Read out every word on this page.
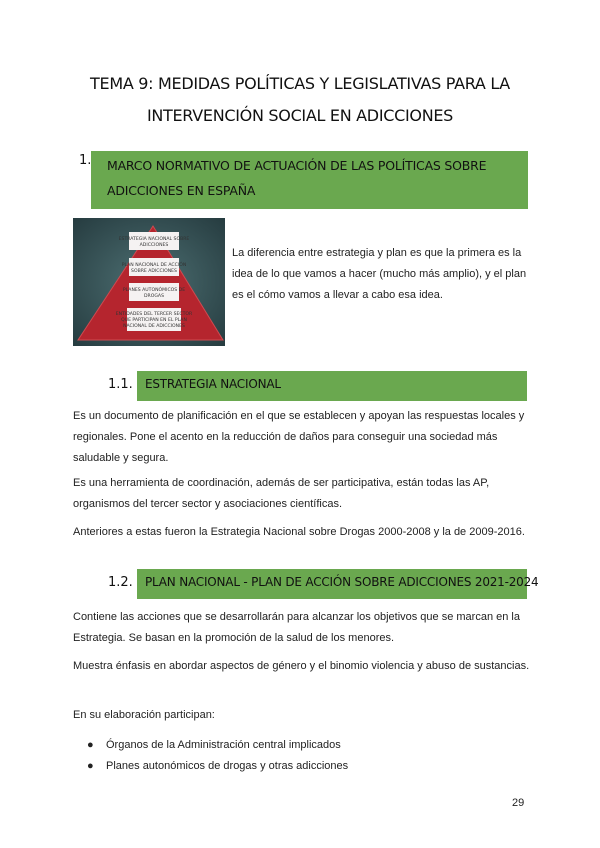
TEMA 9: MEDIDAS POLÍTICAS Y LEGISLATIVAS PARA LA
INTERVENCIÓN SOCIAL EN ADICCIONES
1. MARCO NORMATIVO DE ACTUACIÓN DE LAS POLÍTICAS SOBRE ADICCIONES EN ESPAÑA
ESTRATEGIA NACIONAL SOBRE
ADICCIONES
PLAN NACIONAL DE ACCIÓN
SOBRE ADICCIONES
PLANES AUTONÓMICOS DE
DROGAS
ENTIDADES DEL TERCER SECTOR
QUE PARTICIPAN EN EL PLAN
NACIONAL DE ADICCIONES
La diferencia entre estrategia y plan es que la primera es la idea de lo que vamos a hacer (mucho más amplio), y el plan es el cómo vamos a llevar a cabo esa idea.
1.1. ESTRATEGIA NACIONAL
Es un documento de planificación en el que se establecen y apoyan las respuestas locales y regionales. Pone el acento en la reducción de daños para conseguir una sociedad más saludable y segura.
Es una herramienta de coordinación, además de ser participativa, están todas las AP, organismos del tercer sector y asociaciones científicas.
Anteriores a estas fueron la Estrategia Nacional sobre Drogas 2000-2008 y la de 2009-2016.
1.2. PLAN NACIONAL - PLAN DE ACCIÓN SOBRE ADICCIONES 2021-2024
Contiene las acciones que se desarrollarán para alcanzar los objetivos que se marcan en la Estrategia. Se basan en la promoción de la salud de los menores.
Muestra énfasis en abordar aspectos de género y el binomio violencia y abuso de sustancias.
En su elaboración participan:
● Órganos de la Administración central implicados
● Planes autonómicos de drogas y otras adicciones
29
